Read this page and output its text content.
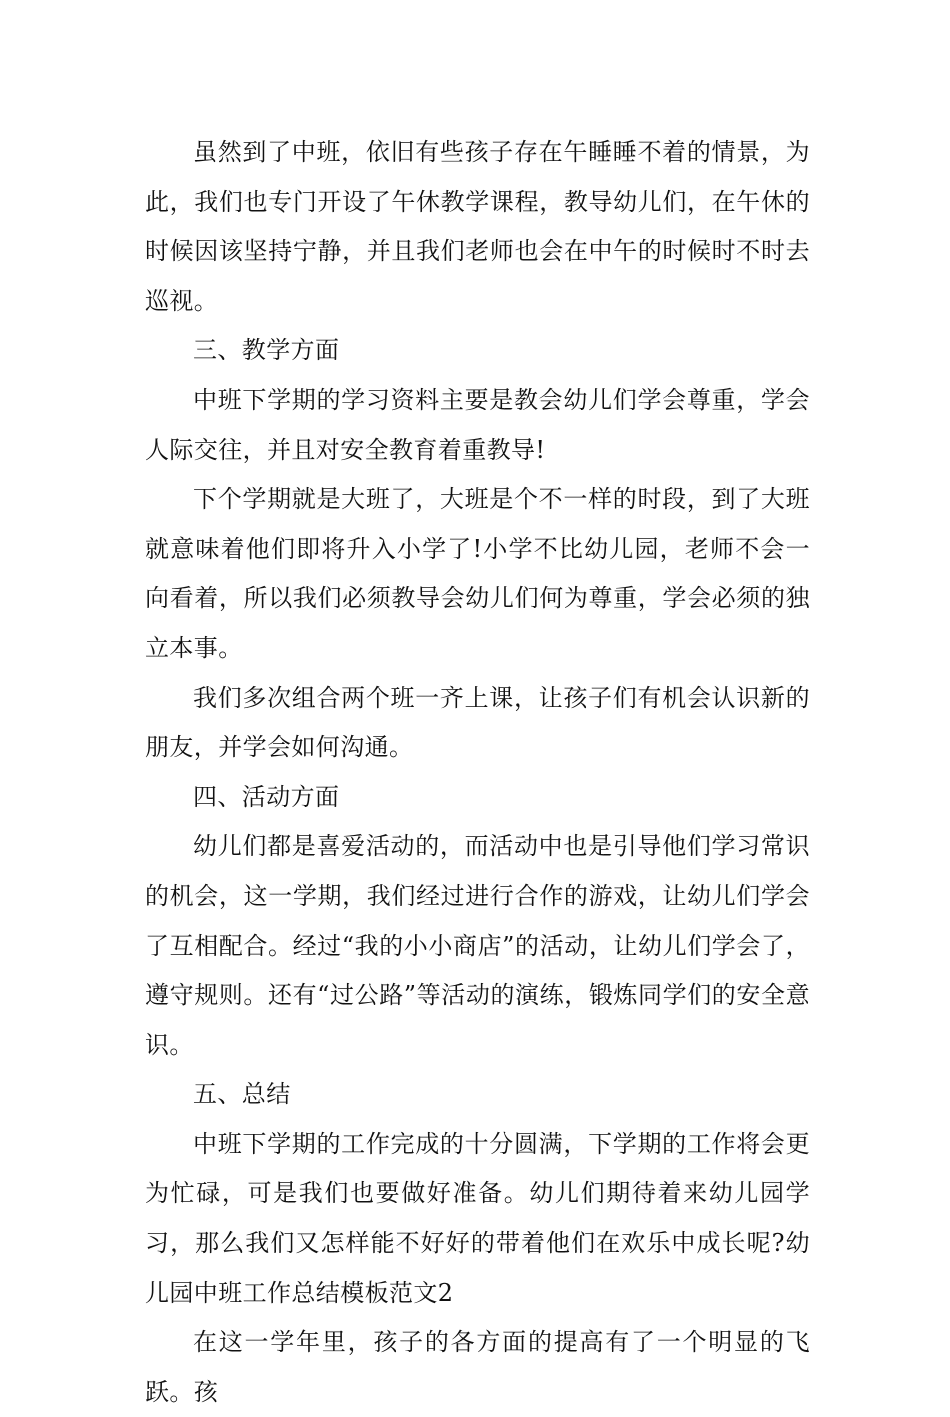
虽然到了中班，依旧有些孩子存在午睡睡不着的情景，为此，我们也专门开设了午休教学课程，教导幼儿们，在午休的时候因该坚持宁静，并且我们老师也会在中午的时候时不时去巡视。

三、教学方面

中班下学期的学习资料主要是教会幼儿们学会尊重，学会人际交往，并且对安全教育着重教导!

下个学期就是大班了，大班是个不一样的时段，到了大班就意味着他们即将升入小学了!小学不比幼儿园，老师不会一向看着，所以我们必须教导会幼儿们何为尊重，学会必须的独立本事。

我们多次组合两个班一齐上课，让孩子们有机会认识新的朋友，并学会如何沟通。

四、活动方面

幼儿们都是喜爱活动的，而活动中也是引导他们学习常识的机会，这一学期，我们经过进行合作的游戏，让幼儿们学会了互相配合。经过“我的小小商店”的活动，让幼儿们学会了，遵守规则。还有“过公路”等活动的演练，锻炼同学们的安全意识。

五、总结

中班下学期的工作完成的十分圆满，下学期的工作将会更为忙碌，可是我们也要做好准备。幼儿们期待着来幼儿园学习，那么我们又怎样能不好好的带着他们在欢乐中成长呢?幼儿园中班工作总结模板范文2

在这一学年里，孩子的各方面的提高有了一个明显的飞跃。孩
